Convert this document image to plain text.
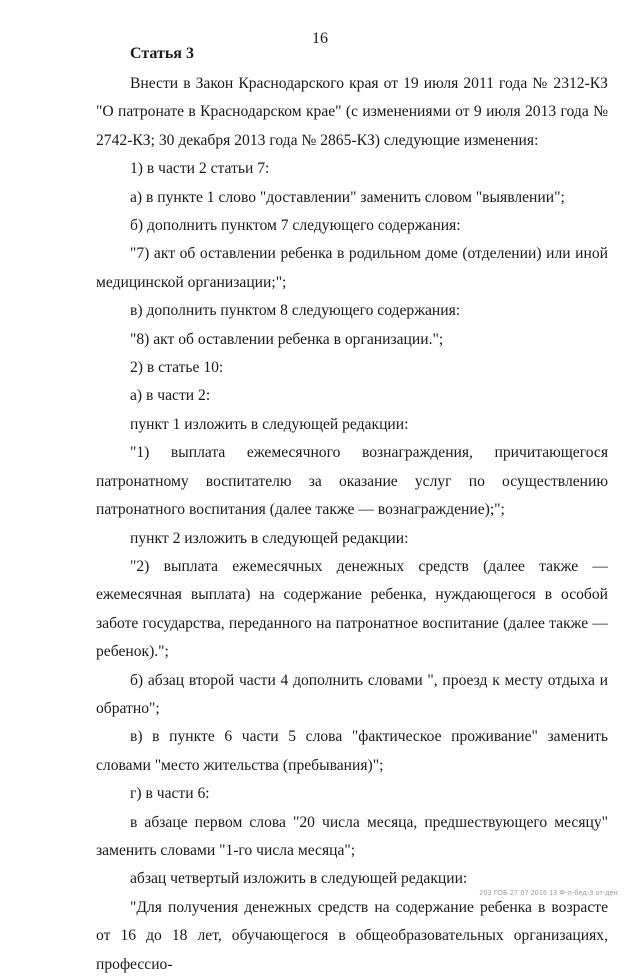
16
Статья 3

Внести в Закон Краснодарского края от 19 июля 2011 года № 2312-КЗ "О патронате в Краснодарском крае" (с изменениями от 9 июля 2013 года № 2742-КЗ; 30 декабря 2013 года № 2865-КЗ) следующие изменения:

1) в части 2 статьи 7:

а) в пункте 1 слово "доставлении" заменить словом "выявлении";

б) дополнить пунктом 7 следующего содержания:

"7) акт об оставлении ребенка в родильном доме (отделении) или иной медицинской организации;";

в) дополнить пунктом 8 следующего содержания:

"8) акт об оставлении ребенка в организации.";

2) в статье 10:

а) в части 2:

пункт 1 изложить в следующей редакции:

"1) выплата ежемесячного вознаграждения, причитающегося патронатному воспитателю за оказание услуг по осуществлению патронатного воспитания (далее также — вознаграждение);";

пункт 2 изложить в следующей редакции:

"2) выплата ежемесячных денежных средств (далее также — ежемесячная выплата) на содержание ребенка, нуждающегося в особой заботе государства, переданного на патронатное воспитание (далее также — ребенок).";

б) абзац второй части 4 дополнить словами ", проезд к месту отдыха и обратно";

в) в пункте 6 части 5 слова "фактическое проживание" заменить словами "место жительства (пребывания)";

г) в части 6:

в абзаце первом слова "20 числа месяца, предшествующего месяцу" заменить словами "1-го числа месяца";

абзац четвертый изложить в следующей редакции:

"Для получения денежных средств на содержание ребенка в возрасте от 16 до 18 лет, обучающегося в общеобразовательных организациях, профессио-

203 ГОБ 27 07 2016 13 Ф-л-бед-3 от-ден.
